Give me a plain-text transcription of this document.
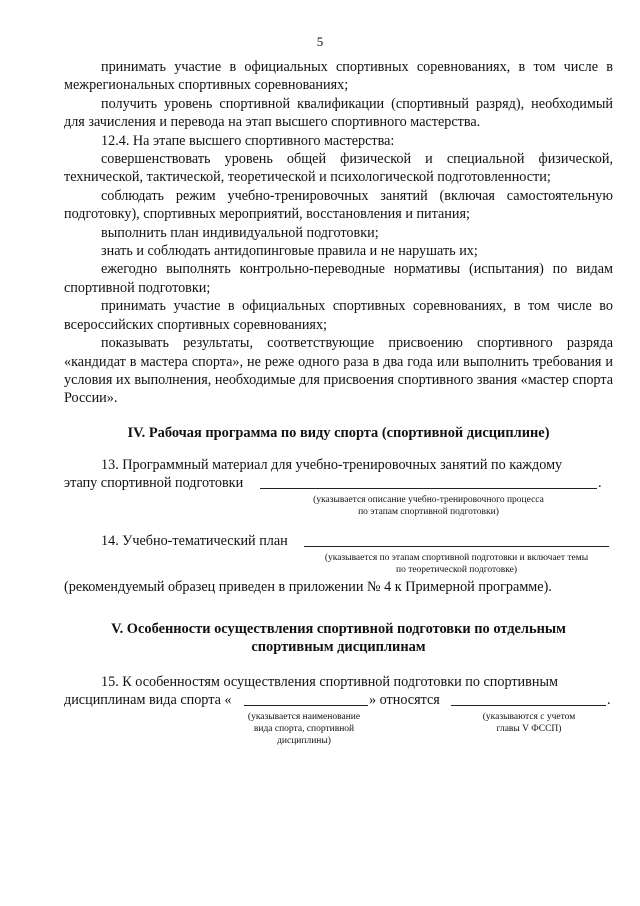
5

принимать участие в официальных спортивных соревнованиях, в том числе в межрегиональных спортивных соревнованиях;

получить уровень спортивной квалификации (спортивный разряд), необходимый для зачисления и перевода на этап высшего спортивного мастерства.

12.4. На этапе высшего спортивного мастерства:

совершенствовать уровень общей физической и специальной физической, технической, тактической, теоретической и психологической подготовленности;

соблюдать режим учебно-тренировочных занятий (включая самостоятельную подготовку), спортивных мероприятий, восстановления и питания;

выполнить план индивидуальной подготовки;

знать и соблюдать антидопинговые правила и не нарушать их;

ежегодно выполнять контрольно-переводные нормативы (испытания) по видам спортивной подготовки;

принимать участие в официальных спортивных соревнованиях, в том числе во всероссийских спортивных соревнованиях;

показывать результаты, соответствующие присвоению спортивного разряда «кандидат в мастера спорта», не реже одного раза в два года или выполнить требования и условия их выполнения, необходимые для присвоения спортивного звания «мастер спорта России».

IV. Рабочая программа по виду спорта (спортивной дисциплине)

13. Программный материал для учебно-тренировочных занятий по каждому
этапу спортивной подготовки	.
(указывается описание учебно-тренировочного процесса
по этапам спортивной подготовки)
14. Учебно-тематический план
(указывается по этапам спортивной подготовки и включает темы
по теоретической подготовке)

(рекомендуемый образец приведен в приложении № 4 к Примерной программе).

V. Особенности осуществления спортивной подготовки по отдельным

спортивным дисциплинам

15. К особенностям осуществления спортивной подготовки по спортивным
дисциплинам вида спорта «	» относятся	.
(указывается наименование
вида спорта, спортивной
дисциплины)
(указываются с учетом
главы V ФССП)
